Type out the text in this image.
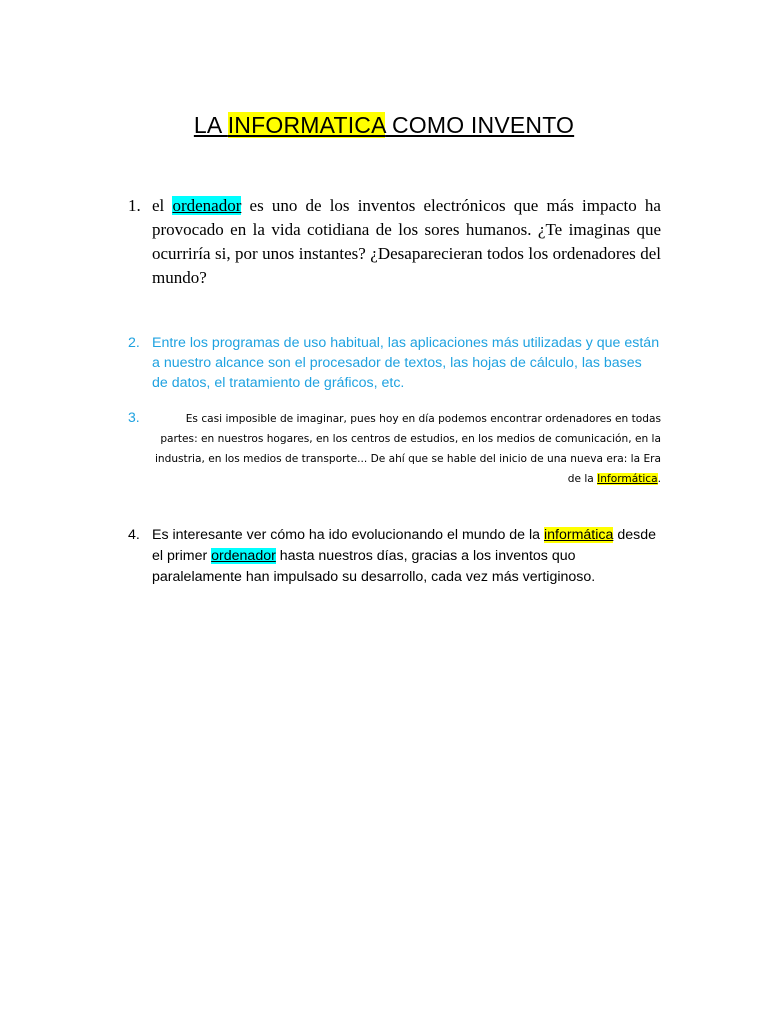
LA INFORMATICA COMO INVENTO
1. el ordenador es uno de los inventos electrónicos que más impacto ha provocado en la vida cotidiana de los sores humanos. ¿Te imaginas que ocurriría si, por unos instantes? ¿Desaparecieran todos los ordenadores del mundo?
2. Entre los programas de uso habitual, las aplicaciones más utilizadas y que están a nuestro alcance son el procesador de textos, las hojas de cálculo, las bases de datos, el tratamiento de gráficos, etc.
3.	Es casi imposible de imaginar, pues hoy en día podemos encontrar ordenadores en todas partes: en nuestros hogares, en los centros de estudios, en los medios de comunicación, en la industria, en los medios de transporte... De ahí que se hable del inicio de una nueva era: la Era de la Informática.
4. Es interesante ver cómo ha ido evolucionando el mundo de la informática desde el primer ordenador hasta nuestros días, gracias a los inventos quo paralelamente han impulsado su desarrollo, cada vez más vertiginoso.
